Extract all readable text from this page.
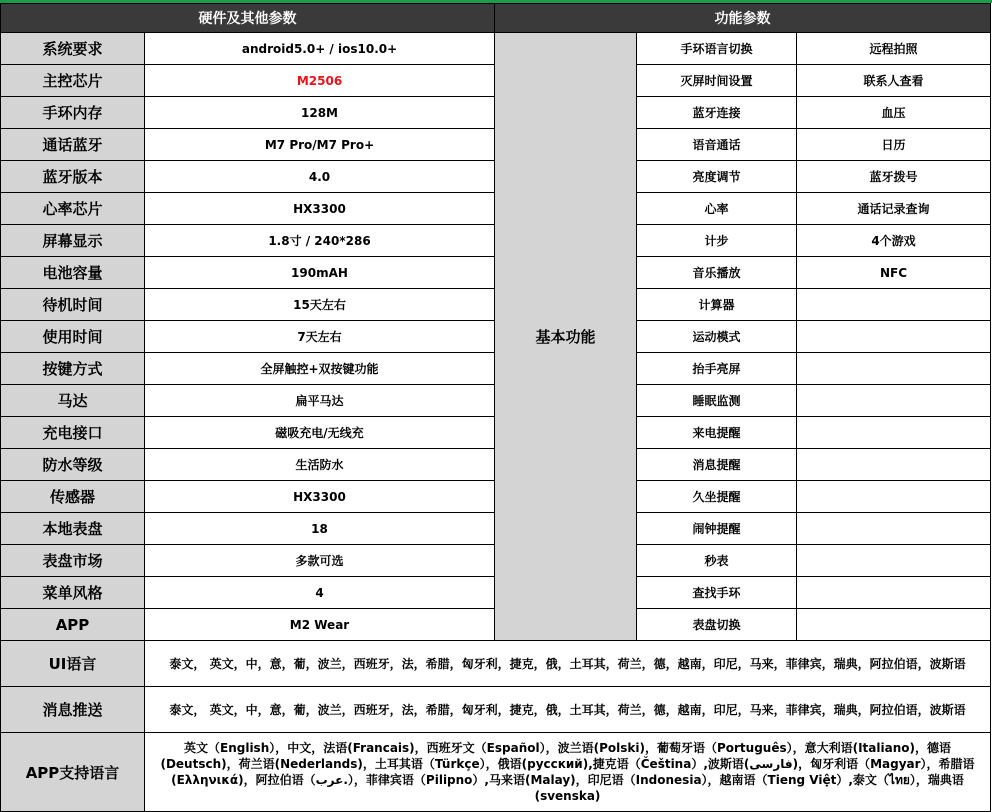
硬件及其他参数		功能参数		
系统要求	android5.0+ / ios10.0+	基本功能	手环语言切换	远程拍照
主控芯片	M2506		灭屏时间设置	联系人查看
手环内存	128M		蓝牙连接	血压
通话蓝牙	M7 Pro/M7 Pro+		语音通话	日历
蓝牙版本	4.0		亮度调节	蓝牙拨号
心率芯片	HX3300		心率	通话记录查询
屏幕显示	1.8寸 / 240*286		计步	4个游戏
电池容量	190mAH		音乐播放	NFC
待机时间	15天左右		计算器	
使用时间	7天左右		运动模式	
按键方式	全屏触控+双按键功能		抬手亮屏	
马达	扁平马达		睡眠监测	
充电接口	磁吸充电/无线充		来电提醒	
防水等级	生活防水		消息提醒	
传感器	HX3300		久坐提醒	
本地表盘	18		闹钟提醒	
表盘市场	多款可选		秒表	
菜单风格	4		查找手环	
APP	M2 Wear		表盘切换	
UI语言	泰文， 英文，中，意，葡，波兰，西班牙，法，希腊，匈牙利，捷克，俄，土耳其，荷兰，德，越南，印尼，马来，菲律宾，瑞典，阿拉伯语，波斯语			
消息推送	泰文， 英文，中，意，葡，波兰，西班牙，法，希腊，匈牙利，捷克，俄，土耳其，荷兰，德，越南，印尼，马来，菲律宾，瑞典，阿拉伯语，波斯语			
APP支持语言	英文（English），中文，法语(Francais)，西班牙文（Español），波兰语(Polski)，葡萄牙语（Português），意大利语(Italiano)，德语(Deutsch)，荷兰语(Nederlands)，土耳其语（Türkçe），俄语(русский),捷克语（Čeština）,波斯语(فارسی)，匈牙利语（Magyar），希腊语(Ελληνικά)，阿拉伯语（عرب.），菲律宾语（Pilipno）,马来语(Malay)，印尼语（Indonesia），越南语（Tieng Việt）,泰文（ไทย），瑞典语(svenska)			
